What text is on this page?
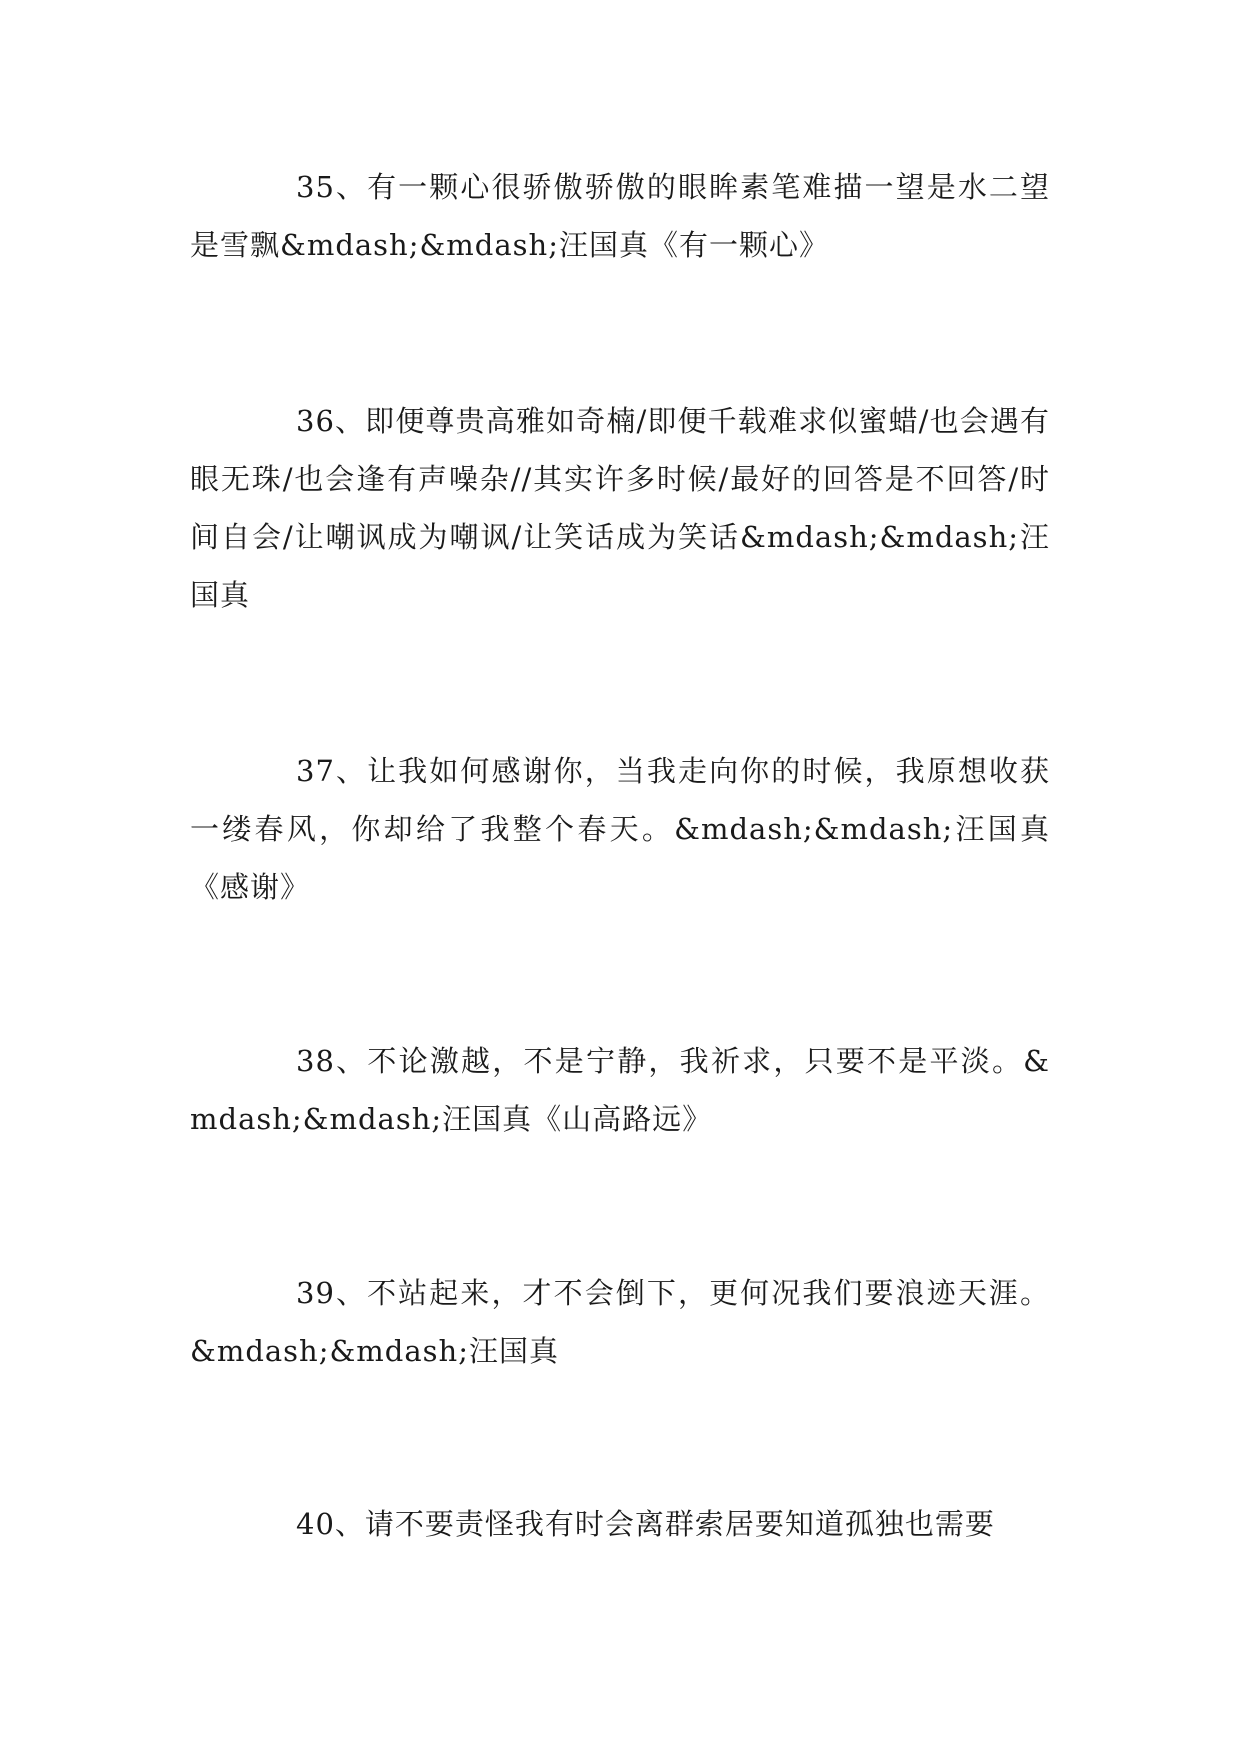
35、有一颗心很骄傲骄傲的眼眸素笔难描一望是水二望是雪飘&mdash;&mdash;汪国真《有一颗心》

36、即便尊贵高雅如奇楠/即便千载难求似蜜蜡/也会遇有眼无珠/也会逢有声噪杂//其实许多时候/最好的回答是不回答/时间自会/让嘲讽成为嘲讽/让笑话成为笑话&mdash;&mdash;汪国真

37、让我如何感谢你，当我走向你的时候，我原想收获一缕春风，你却给了我整个春天。&mdash;&mdash;汪国真《感谢》

38、不论激越，不是宁静，我祈求，只要不是平淡。&mdash;&mdash;汪国真《山高路远》

39、不站起来，才不会倒下，更何况我们要浪迹天涯。&mdash;&mdash;汪国真

40、请不要责怪我有时会离群索居要知道孤独也需要
